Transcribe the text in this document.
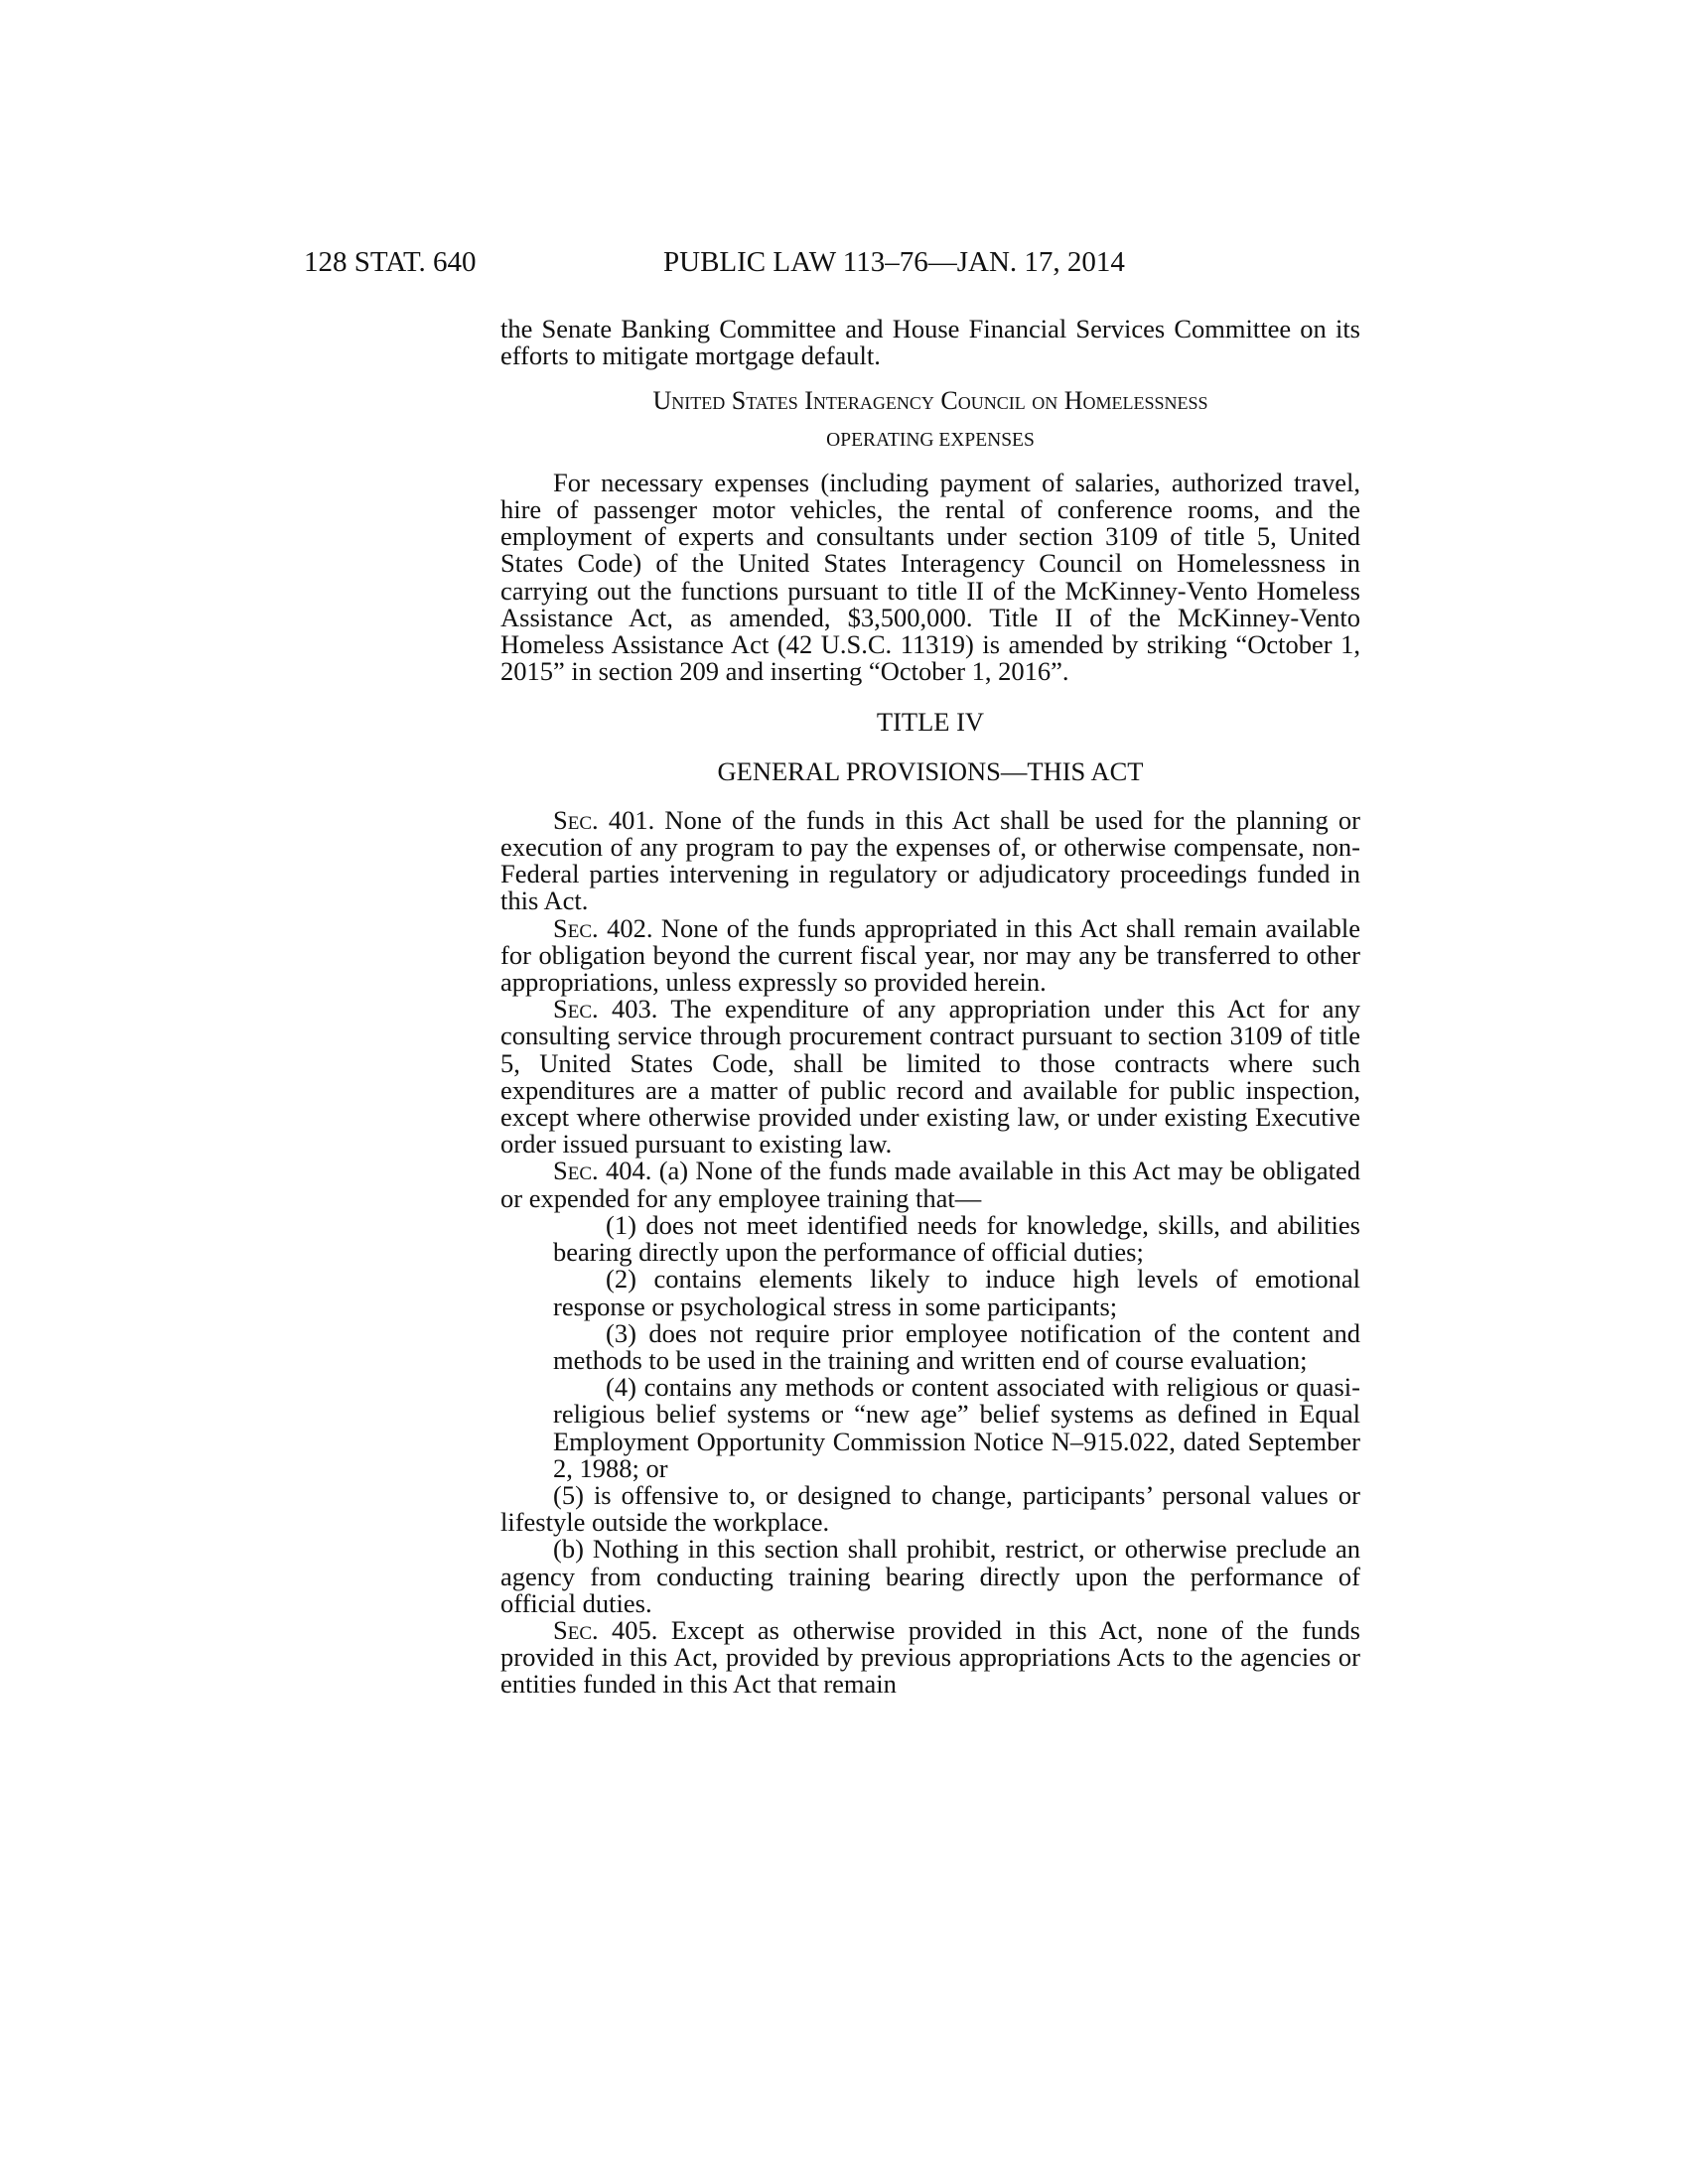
128 STAT. 640	PUBLIC LAW 113–76—JAN. 17, 2014

the Senate Banking Committee and House Financial Services Committee on its efforts to mitigate mortgage default.

United States Interagency Council on Homelessness
OPERATING EXPENSES

For necessary expenses (including payment of salaries, authorized travel, hire of passenger motor vehicles, the rental of conference rooms, and the employment of experts and consultants under section 3109 of title 5, United States Code) of the United States Interagency Council on Homelessness in carrying out the functions pursuant to title II of the McKinney-Vento Homeless Assistance Act, as amended, $3,500,000. Title II of the McKinney-Vento Homeless Assistance Act (42 U.S.C. 11319) is amended by striking “October 1, 2015” in section 209 and inserting “October 1, 2016”.

TITLE IV
GENERAL PROVISIONS—THIS ACT

Sec. 401. None of the funds in this Act shall be used for the planning or execution of any program to pay the expenses of, or otherwise compensate, non-Federal parties intervening in regulatory or adjudicatory proceedings funded in this Act.

Sec. 402. None of the funds appropriated in this Act shall remain available for obligation beyond the current fiscal year, nor may any be transferred to other appropriations, unless expressly so provided herein.

Sec. 403. The expenditure of any appropriation under this Act for any consulting service through procurement contract pursuant to section 3109 of title 5, United States Code, shall be limited to those contracts where such expenditures are a matter of public record and available for public inspection, except where otherwise provided under existing law, or under existing Executive order issued pursuant to existing law.

Sec. 404. (a) None of the funds made available in this Act may be obligated or expended for any employee training that—

(1) does not meet identified needs for knowledge, skills, and abilities bearing directly upon the performance of official duties;

(2) contains elements likely to induce high levels of emotional response or psychological stress in some participants;

(3) does not require prior employee notification of the content and methods to be used in the training and written end of course evaluation;

(4) contains any methods or content associated with religious or quasi-religious belief systems or “new age” belief systems as defined in Equal Employment Opportunity Commission Notice N–915.022, dated September 2, 1988; or

(5) is offensive to, or designed to change, participants’ personal values or lifestyle outside the workplace.

(b) Nothing in this section shall prohibit, restrict, or otherwise preclude an agency from conducting training bearing directly upon the performance of official duties.

Sec. 405. Except as otherwise provided in this Act, none of the funds provided in this Act, provided by previous appropriations Acts to the agencies or entities funded in this Act that remain
